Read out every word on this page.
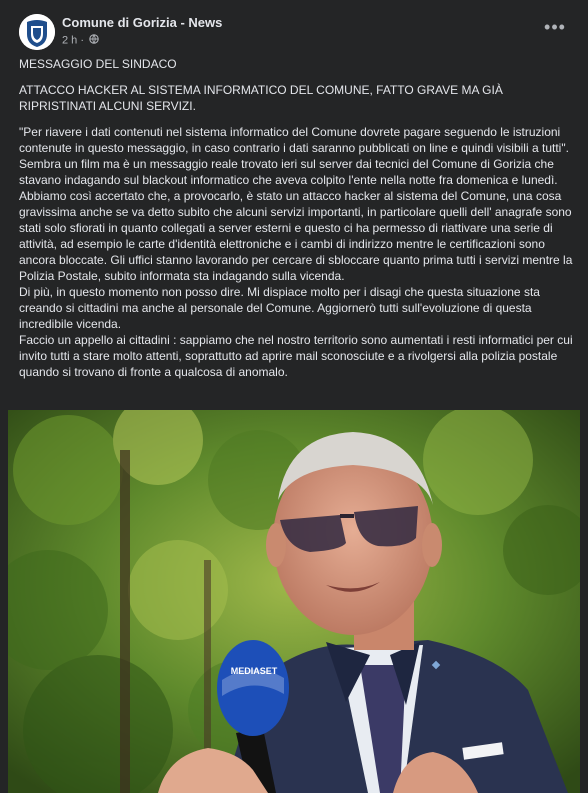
Comune di Gorizia - News
2 h ·
•••

MESSAGGIO DEL SINDACO

ATTACCO HACKER AL SISTEMA INFORMATICO DEL COMUNE, FATTO GRAVE MA GIÀ RIPRISTINATI ALCUNI SERVIZI.

"Per riavere i dati contenuti nel sistema informatico del Comune dovrete pagare seguendo le istruzioni contenute in questo messaggio, in caso contrario i dati saranno pubblicati on line e quindi visibili a tutti". Sembra un film ma è un messaggio reale trovato ieri sul server dai tecnici del Comune di Gorizia che stavano indagando sul blackout informatico che aveva colpito l'ente nella notte fra domenica e lunedì.

Abbiamo così accertato che, a provocarlo, è stato un attacco hacker al sistema del Comune, una cosa gravissima anche se va detto subito che alcuni servizi importanti, in particolare quelli dell' anagrafe sono stati solo sfiorati in quanto collegati a server esterni e questo ci ha permesso di riattivare una serie di attività, ad esempio le carte d'identità elettroniche e i cambi di indirizzo mentre le certificazioni sono ancora bloccate. Gli uffici stanno lavorando per cercare di sbloccare quanto prima tutti i servizi mentre la Polizia Postale, subito informata sta indagando sulla vicenda.

Di più, in questo momento non posso dire. Mi dispiace molto per i disagi che questa situazione sta creando si cittadini ma anche al personale del Comune. Aggiornerò tutti sull'evoluzione di questa incredibile vicenda.

Faccio un appello ai cittadini : sappiamo che nel nostro territorio sono aumentati i resti informatici per cui invito tutti a stare molto attenti, soprattutto ad aprire mail sconosciute e a rivolgersi alla polizia postale quando si trovano di fronte a qualcosa di anomalo.

MEDIASET
